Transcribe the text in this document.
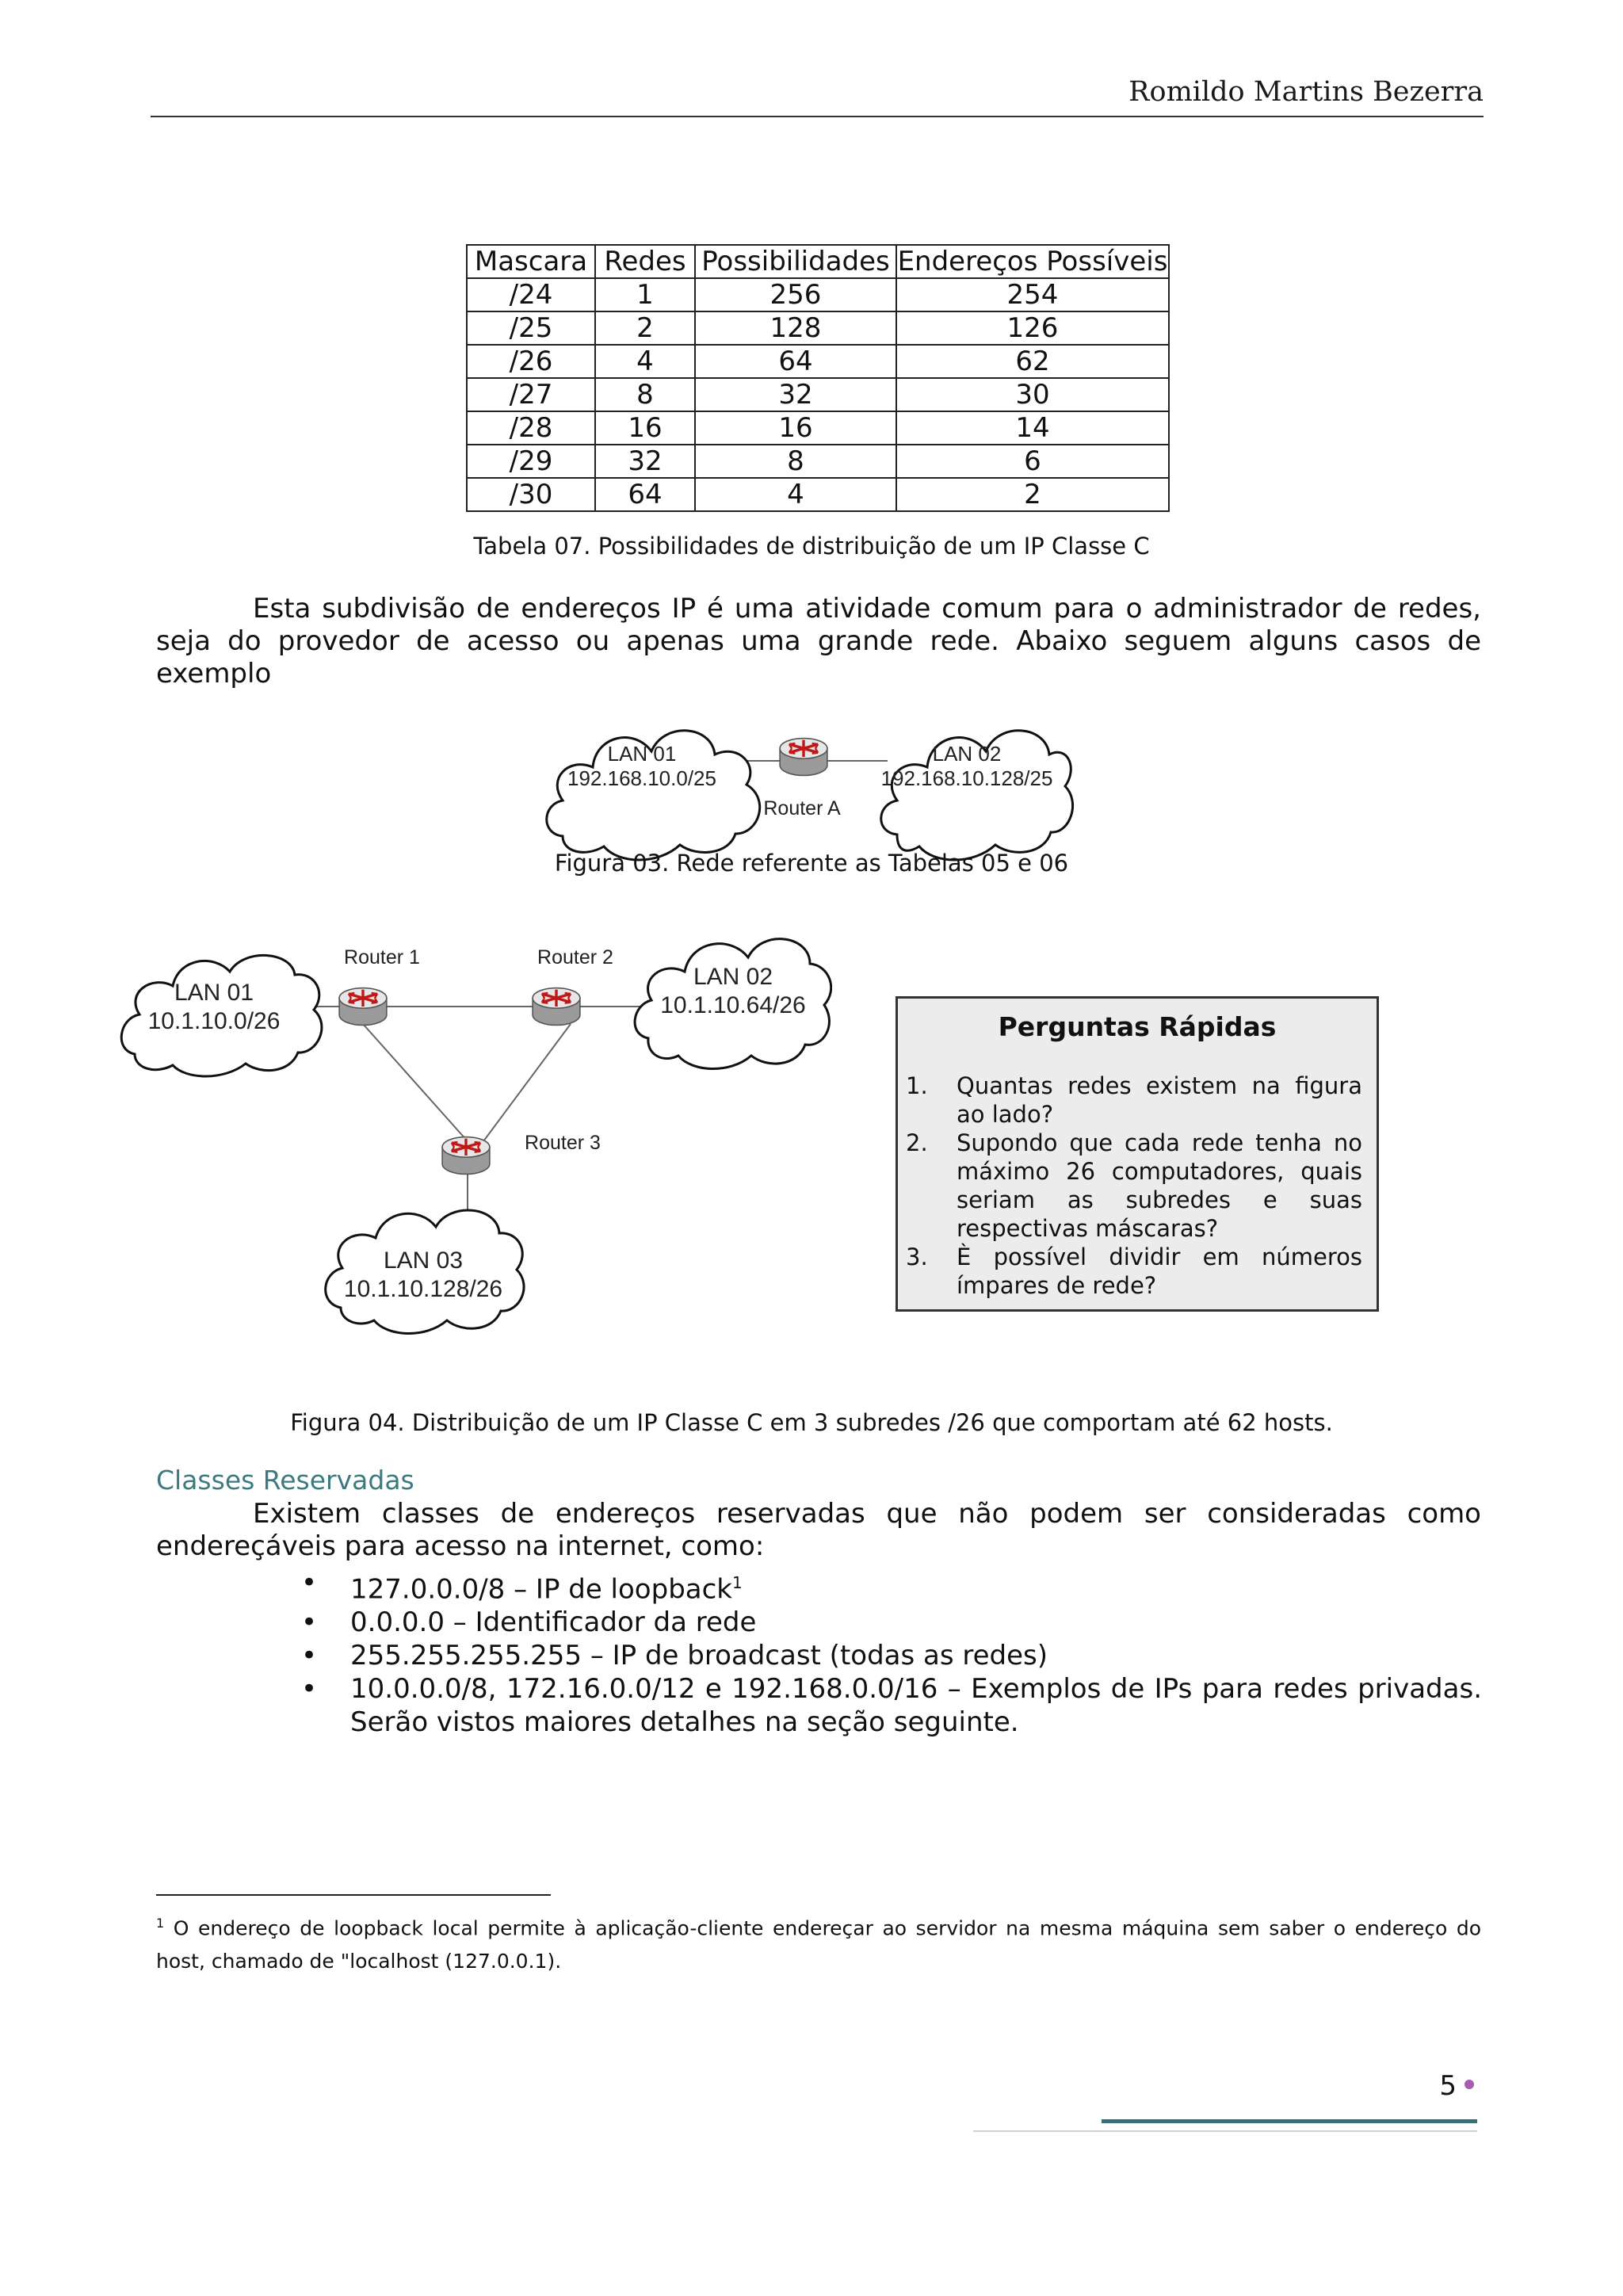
Romildo Martins Bezerra
Mascara	Redes	Possibilidades	Endereços Possíveis
/24	1	256	254
/25	2	128	126
/26	4	64	62
/27	8	32	30
/28	16	16	14
/29	32	8	6
/30	64	4	2
Tabela 07. Possibilidades de distribuição de um IP Classe C
Esta subdivisão de endereços IP é uma atividade comum para o administrador de redes, seja do provedor de acesso ou apenas uma grande rede. Abaixo seguem alguns casos de exemplo
LAN 01
192.168.10.0/25
LAN 02
192.168.10.128/25
Router A
Figura 03. Rede referente as Tabelas 05 e 06
LAN 01
10.1.10.0/26
LAN 02
10.1.10.64/26
LAN 03
10.1.10.128/26
Router 1	Router 2
Router 3
Perguntas Rápidas
1. Quantas redes existem na figura ao lado?
2. Supondo que cada rede tenha no máximo 26 computadores, quais seriam as subredes e suas respectivas máscaras?
3. È possível dividir em números ímpares de rede?
Figura 04. Distribuição de um IP Classe C em 3 subredes /26 que comportam até 62 hosts.
Classes Reservadas
Existem classes de endereços reservadas que não podem ser consideradas como endereçáveis para acesso na internet, como:
• 127.0.0.0/8 – IP de loopback$^1$
• 0.0.0.0 – Identificador da rede
• 255.255.255.255 – IP de broadcast (todas as redes)
• 10.0.0.0/8, 172.16.0.0/12 e 192.168.0.0/16 – Exemplos de IPs para redes privadas. Serão vistos maiores detalhes na seção seguinte.
$^1$ O endereço de loopback local permite à aplicação-cliente endereçar ao servidor na mesma máquina sem saber o endereço do host, chamado de "localhost (127.0.0.1).
5
